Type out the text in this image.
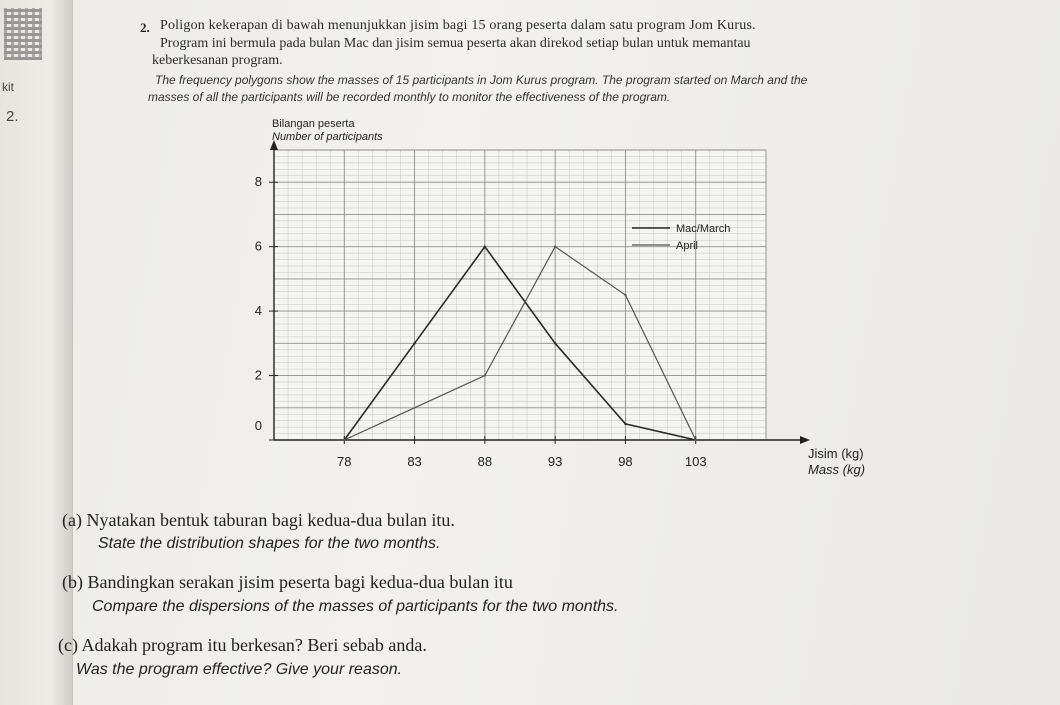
kit
2.
2. Poligon kekerapan di bawah menunjukkan jisim bagi 15 orang peserta dalam satu program Jom Kurus.
Program ini bermula pada bulan Mac dan jisim semua peserta akan direkod setiap bulan untuk memantau
keberkesanan program.
The frequency polygons show the masses of 15 participants in Jom Kurus program. The program started on March and the
masses of all the participants will be recorded monthly to monitor the effectiveness of the program.
Bilangan peserta
Number of participants
Jisim (kg)
Mass (kg)
78	83	88	93	98	103
0
2
4
6
8
Mac/March
April
(a) Nyatakan bentuk taburan bagi kedua-dua bulan itu.
State the distribution shapes for the two months.
(b) Bandingkan serakan jisim peserta bagi kedua-dua bulan itu
Compare the dispersions of the masses of participants for the two months.
(c) Adakah program itu berkesan? Beri sebab anda.
Was the program effective? Give your reason.
